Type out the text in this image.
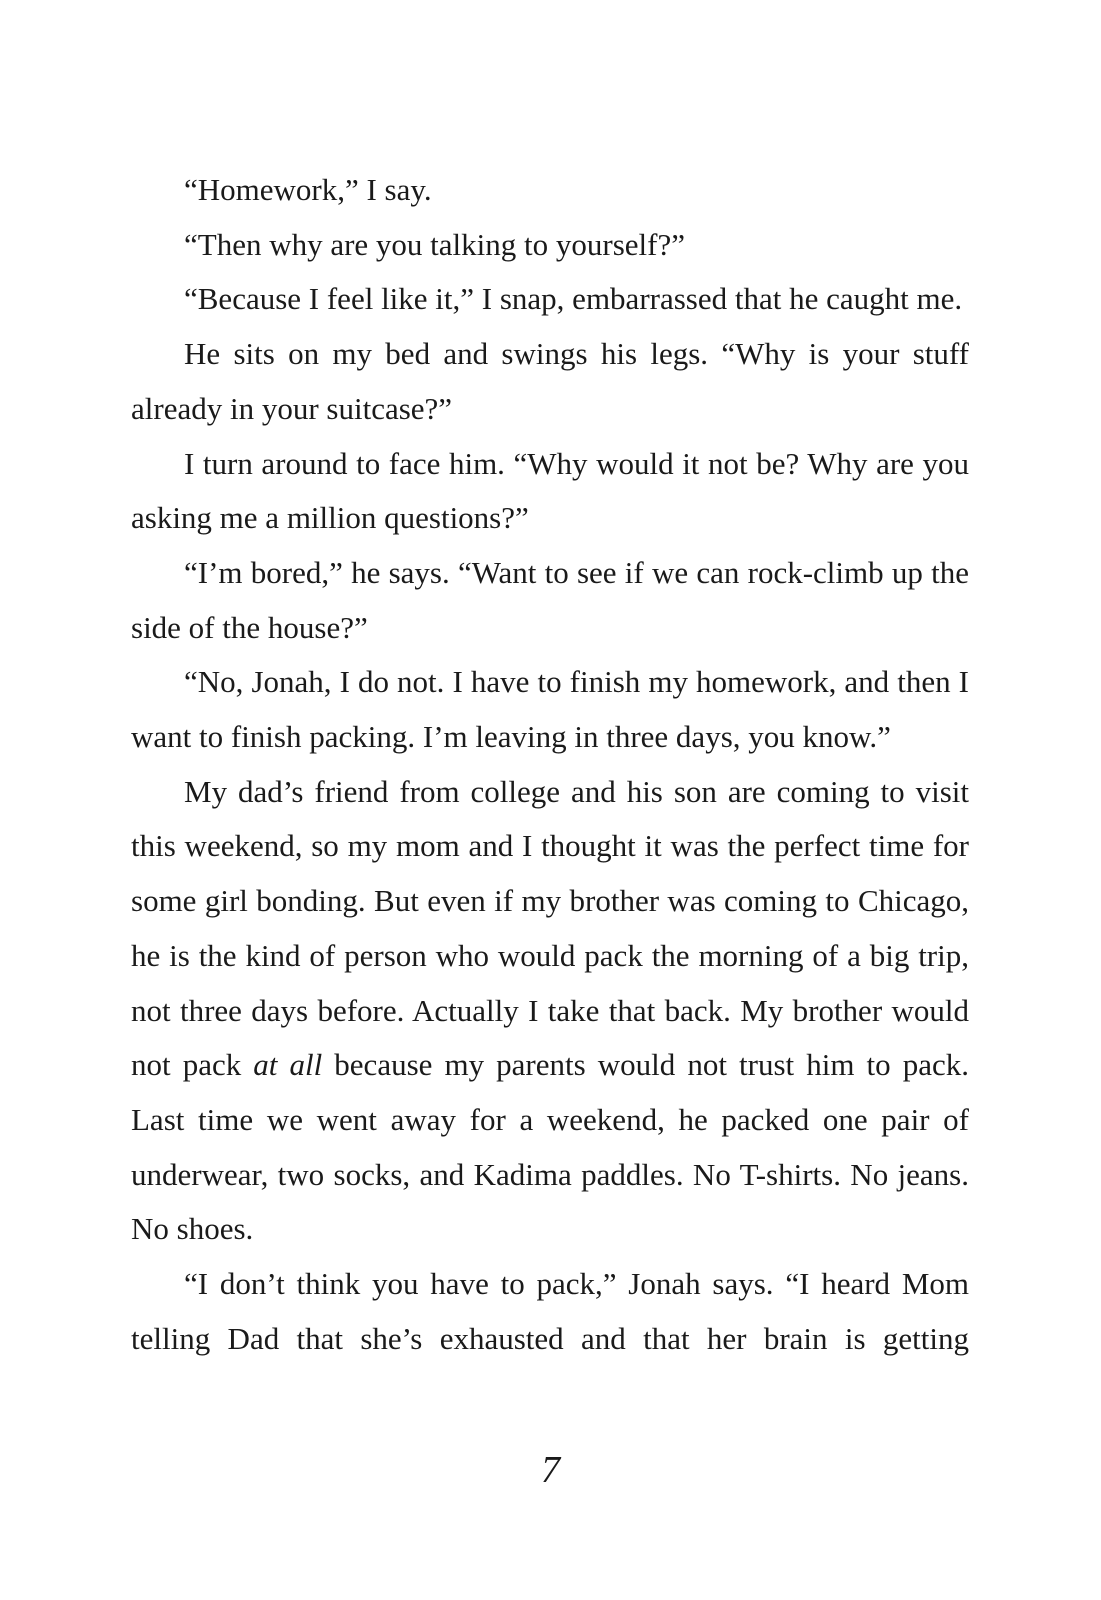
“Homework,” I say.

“Then why are you talking to yourself?”

“Because I feel like it,” I snap, embarrassed that he caught me.

He sits on my bed and swings his legs. “Why is your stuff already in your suitcase?”

I turn around to face him. “Why would it not be? Why are you asking me a million questions?”

“I’m bored,” he says. “Want to see if we can rock-climb up the side of the house?”

“No, Jonah, I do not. I have to finish my homework, and then I want to finish packing. I’m leaving in three days, you know.”

My dad’s friend from college and his son are coming to visit this weekend, so my mom and I thought it was the perfect time for some girl bonding. But even if my brother was coming to Chicago, he is the kind of person who would pack the morning of a big trip, not three days before. Actually I take that back. My brother would not pack at all because my parents would not trust him to pack. Last time we went away for a weekend, he packed one pair of underwear, two socks, and Kadima paddles. No T-shirts. No jeans. No shoes.

“I don’t think you have to pack,” Jonah says. “I heard Mom telling Dad that she’s exhausted and that her brain is getting

7
